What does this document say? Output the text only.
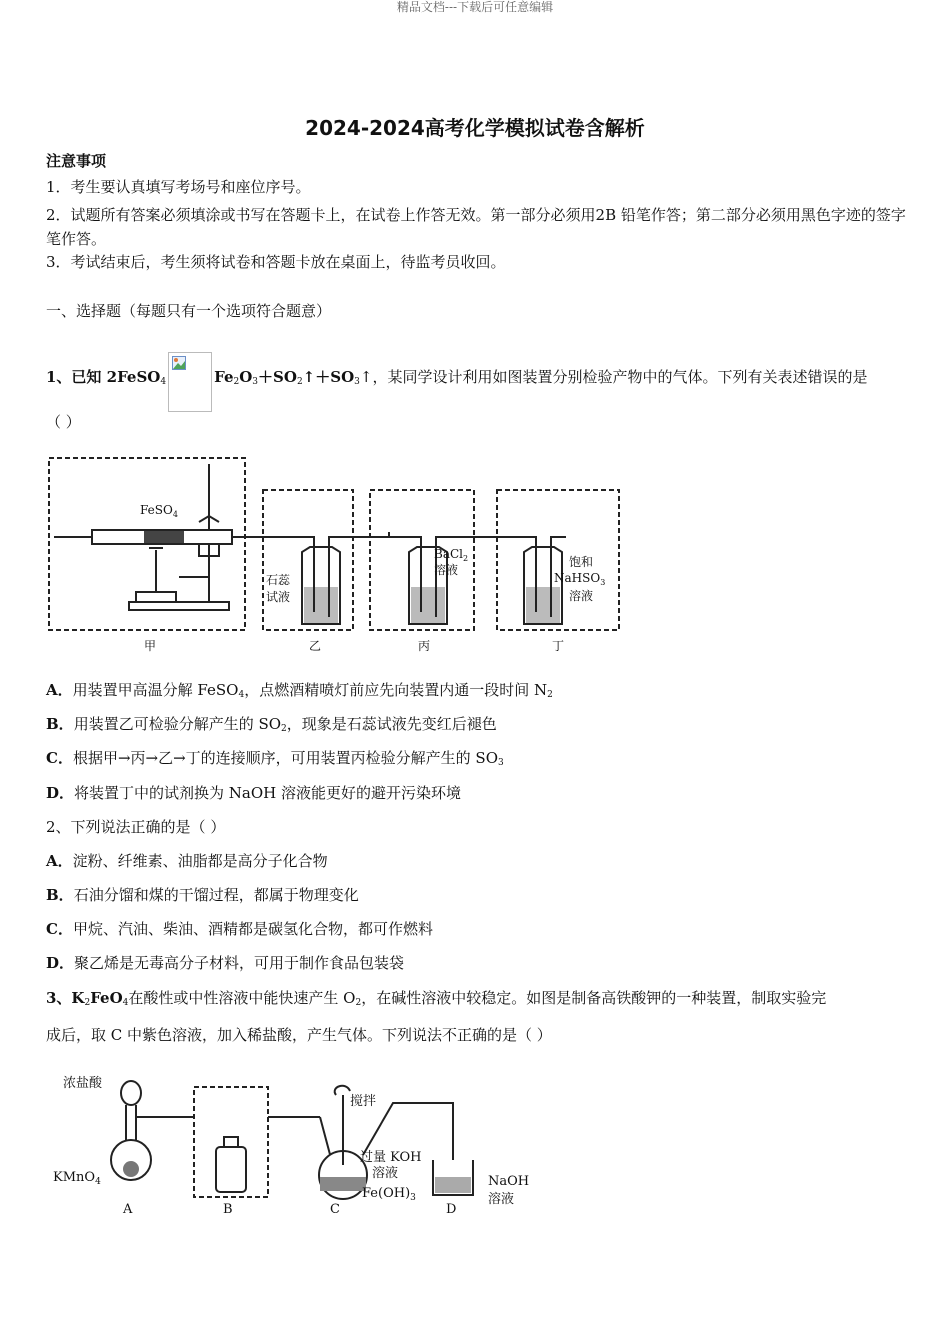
精品文档---下载后可任意编辑
2024-2024高考化学模拟试卷含解析
注意事项
1．考生要认真填写考场号和座位序号。
2．试题所有答案必须填涂或书写在答题卡上，在试卷上作答无效。第一部分必须用2B 铅笔作答；第二部分必须用黑色字迹的签字笔作答。
3．考试结束后，考生须将试卷和答题卡放在桌面上，待监考员收回。
一、选择题（每题只有一个选项符合题意）
1、已知 2FeSO$_4$	$Fe_2O_3+SO_2↑+SO_3↑$，某同学设计利用如图装置分别检验产物中的气体。下列有关表述错误的是
（ ）
FeSO$_4$
石蕊
试液
BaCl$_2$
溶液
饱和
NaHSO$_3$
溶液
甲	乙	丙	丁
A．用装置甲高温分解 FeSO$_4$，点燃酒精喷灯前应先向装置内通一段时间 $N_2$
B．用装置乙可检验分解产生的 $SO_2$，现象是石蕊试液先变红后褪色
C．根据甲→丙→乙→丁的连接顺序，可用装置丙检验分解产生的 $SO_3$
D．将装置丁中的试剂换为 NaOH 溶液能更好的避开污染环境
2、下列说法正确的是（ ）
A．淀粉、纤维素、油脂都是高分子化合物
B．石油分馏和煤的干馏过程，都属于物理变化
C．甲烷、汽油、柴油、酒精都是碳氢化合物，都可作燃料
D．聚乙烯是无毒高分子材料，可用于制作食品包装袋
3、$K_2FeO_4$在酸性或中性溶液中能快速产生 $O_2$，在碱性溶液中较稳定。如图是制备高铁酸钾的一种装置，制取实验完
成后，取 C 中紫色溶液，加入稀盐酸，产生气体。下列说法不正确的是（ ）
浓盐酸
KMnO$_4$
搅拌
过量 KOH
溶液
$Fe(OH)_3$
NaOH
溶液
A	B	C	D
